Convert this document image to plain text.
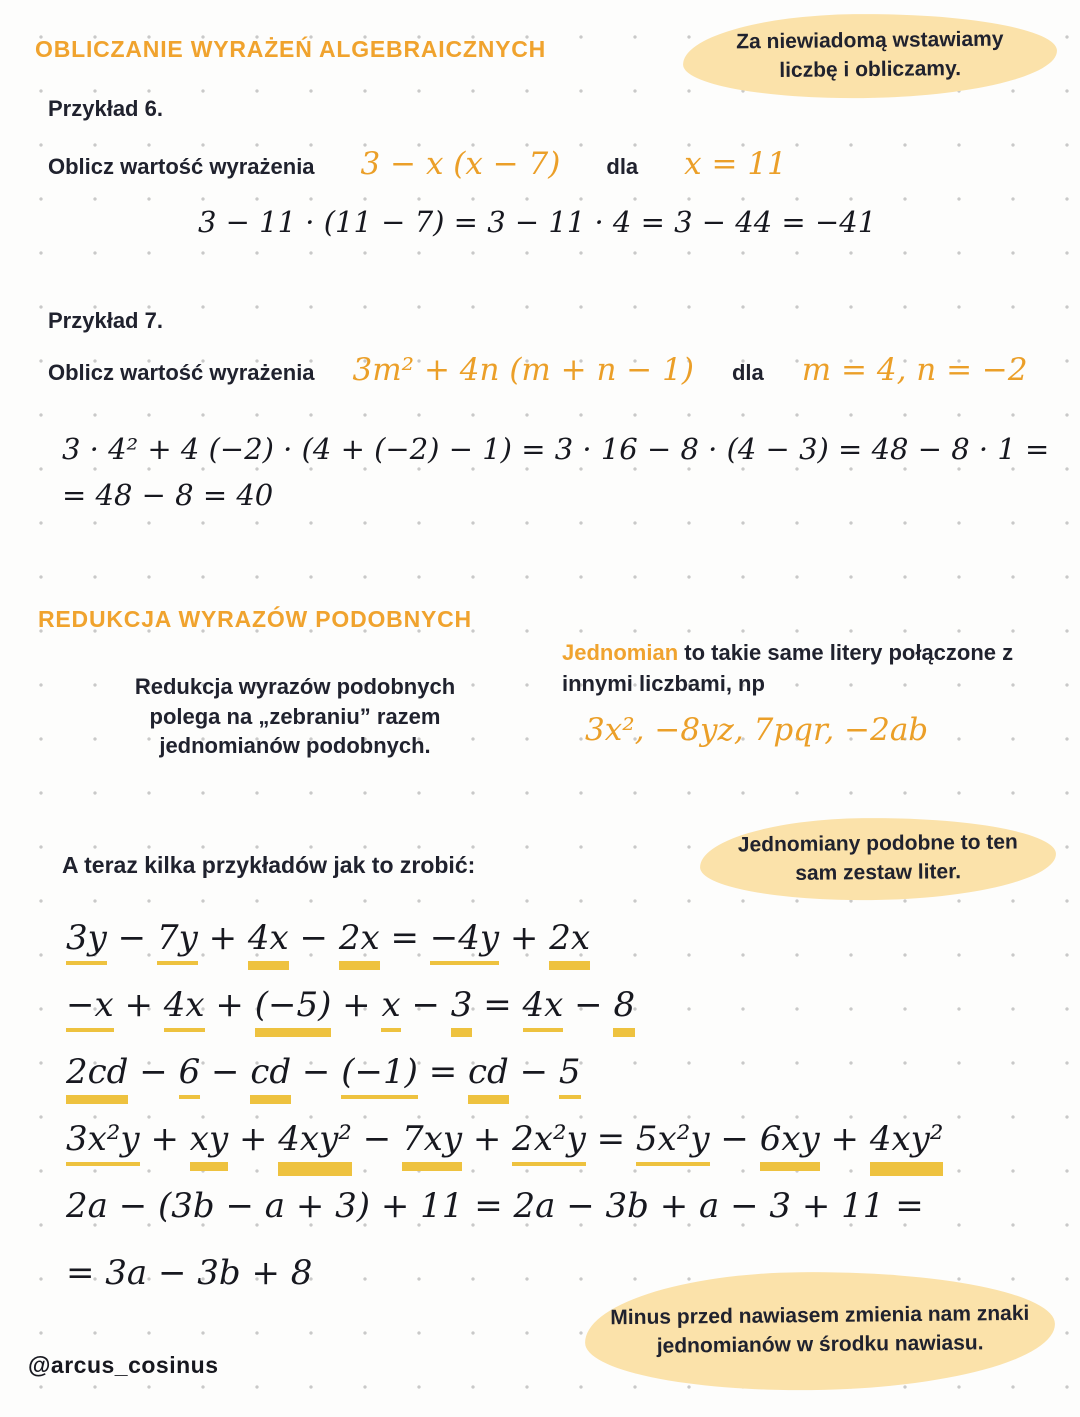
OBLICZANIE WYRAŻEŃ ALGEBRAICZNYCH	Za niewiadomą wstawiamy liczbę i obliczamy.
Przykład 6.
Oblicz wartość wyrażenia 3 − x (x − 7) dla x = 11
3 − 11 · (11 − 7) = 3 − 11 · 4 = 3 − 44 = −41
Przykład 7.
Oblicz wartość wyrażenia 3m² + 4n (m + n − 1) dla m = 4, n = −2
3 · 4² + 4 (−2) · (4 + (−2) − 1) = 3 · 16 − 8 · (4 − 3) = 48 − 8 · 1 =
= 48 − 8 = 40
REDUKCJA WYRAZÓW PODOBNYCH
Redukcja wyrazów podobnych
polega na „zebraniu” razem
jednomianów podobnych.
Jednomian to takie same litery połączone z innymi liczbami, np
3x², −8yz, 7pqr, −2ab
A teraz kilka przykładów jak to zrobić:
Jednomiany podobne to ten sam zestaw liter.
3y − 7y + 4x − 2x = −4y + 2x
−x + 4x + (−5) + x − 3 = 4x − 8
2cd − 6 − cd − (−1) = cd − 5
3x²y + xy + 4xy² − 7xy + 2x²y = 5x²y − 6xy + 4xy²
2a − (3b − a + 3) + 11 = 2a − 3b + a − 3 + 11 =
= 3a − 3b + 8
Minus przed nawiasem zmienia nam znaki jednomianów w środku nawiasu.
@arcus_cosinus
